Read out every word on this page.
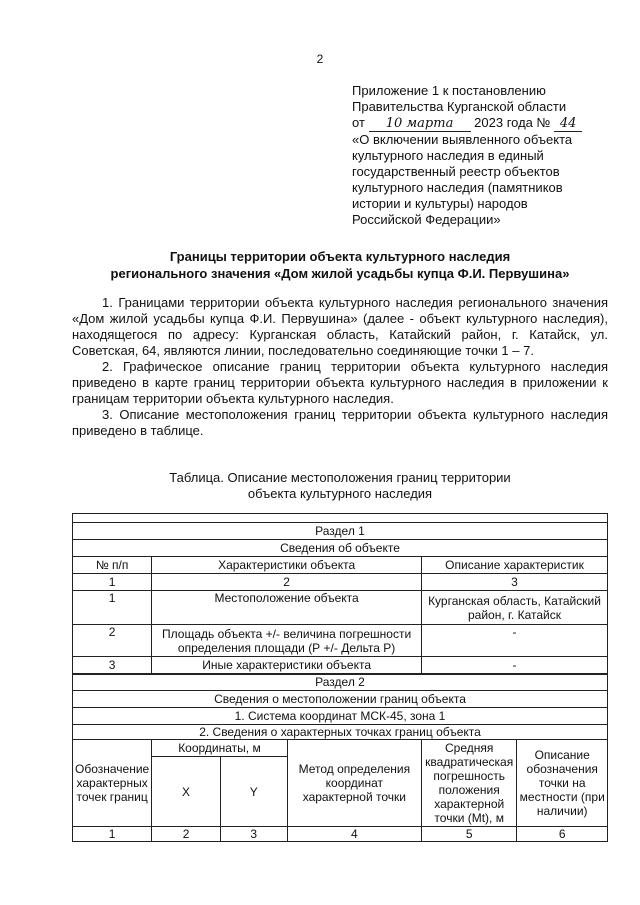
2
Приложение 1 к постановлению
Правительства Курганской области
от 10 марта 2023 года № 44
«О включении выявленного объекта
культурного наследия в единый
государственный реестр объектов
культурного наследия (памятников
истории и культуры) народов
Российской Федерации»
Границы территории объекта культурного наследия
регионального значения «Дом жилой усадьбы купца Ф.И. Первушина»

1. Границами территории объекта культурного наследия регионального значения «Дом жилой усадьбы купца Ф.И. Первушина» (далее - объект культурного наследия), находящегося по адресу: Курганская область, Катайский район, г. Катайск, ул. Советская, 64, являются линии, последовательно соединяющие точки 1 – 7.

2. Графическое описание границ территории объекта культурного наследия приведено в карте границ территории объекта культурного наследия в приложении к границам территории объекта культурного наследия.

3. Описание местоположения границ территории объекта культурного наследия приведено в таблице.

Таблица. Описание местоположения границ территории
объекта культурного наследия

Раздел 1					
Сведения об объекте					
№ п/п	Характеристики объекта			Описание характеристик	
1	2			3	
1	Местоположение объекта			Курганская область, Катайский район, г. Катайск	
2	Площадь объекта +/- величина погрешности определения площади (Р +/- Дельта Р)			-	
3	Иные характеристики объекта			-	
Раздел 2					
Сведения о местоположении границ объекта					
1. Система координат МСК-45, зона 1					
2. Сведения о характерных точках границ объекта					
Обозначение характерных точек границ	Координаты, м		Метод определения координат характерной точки	Средняя квадратическая погрешность положения характерной точки (Mt), м	Описание обозначения точки на местности (при наличии)
	X	Y			
1	2	3	4	5	6
